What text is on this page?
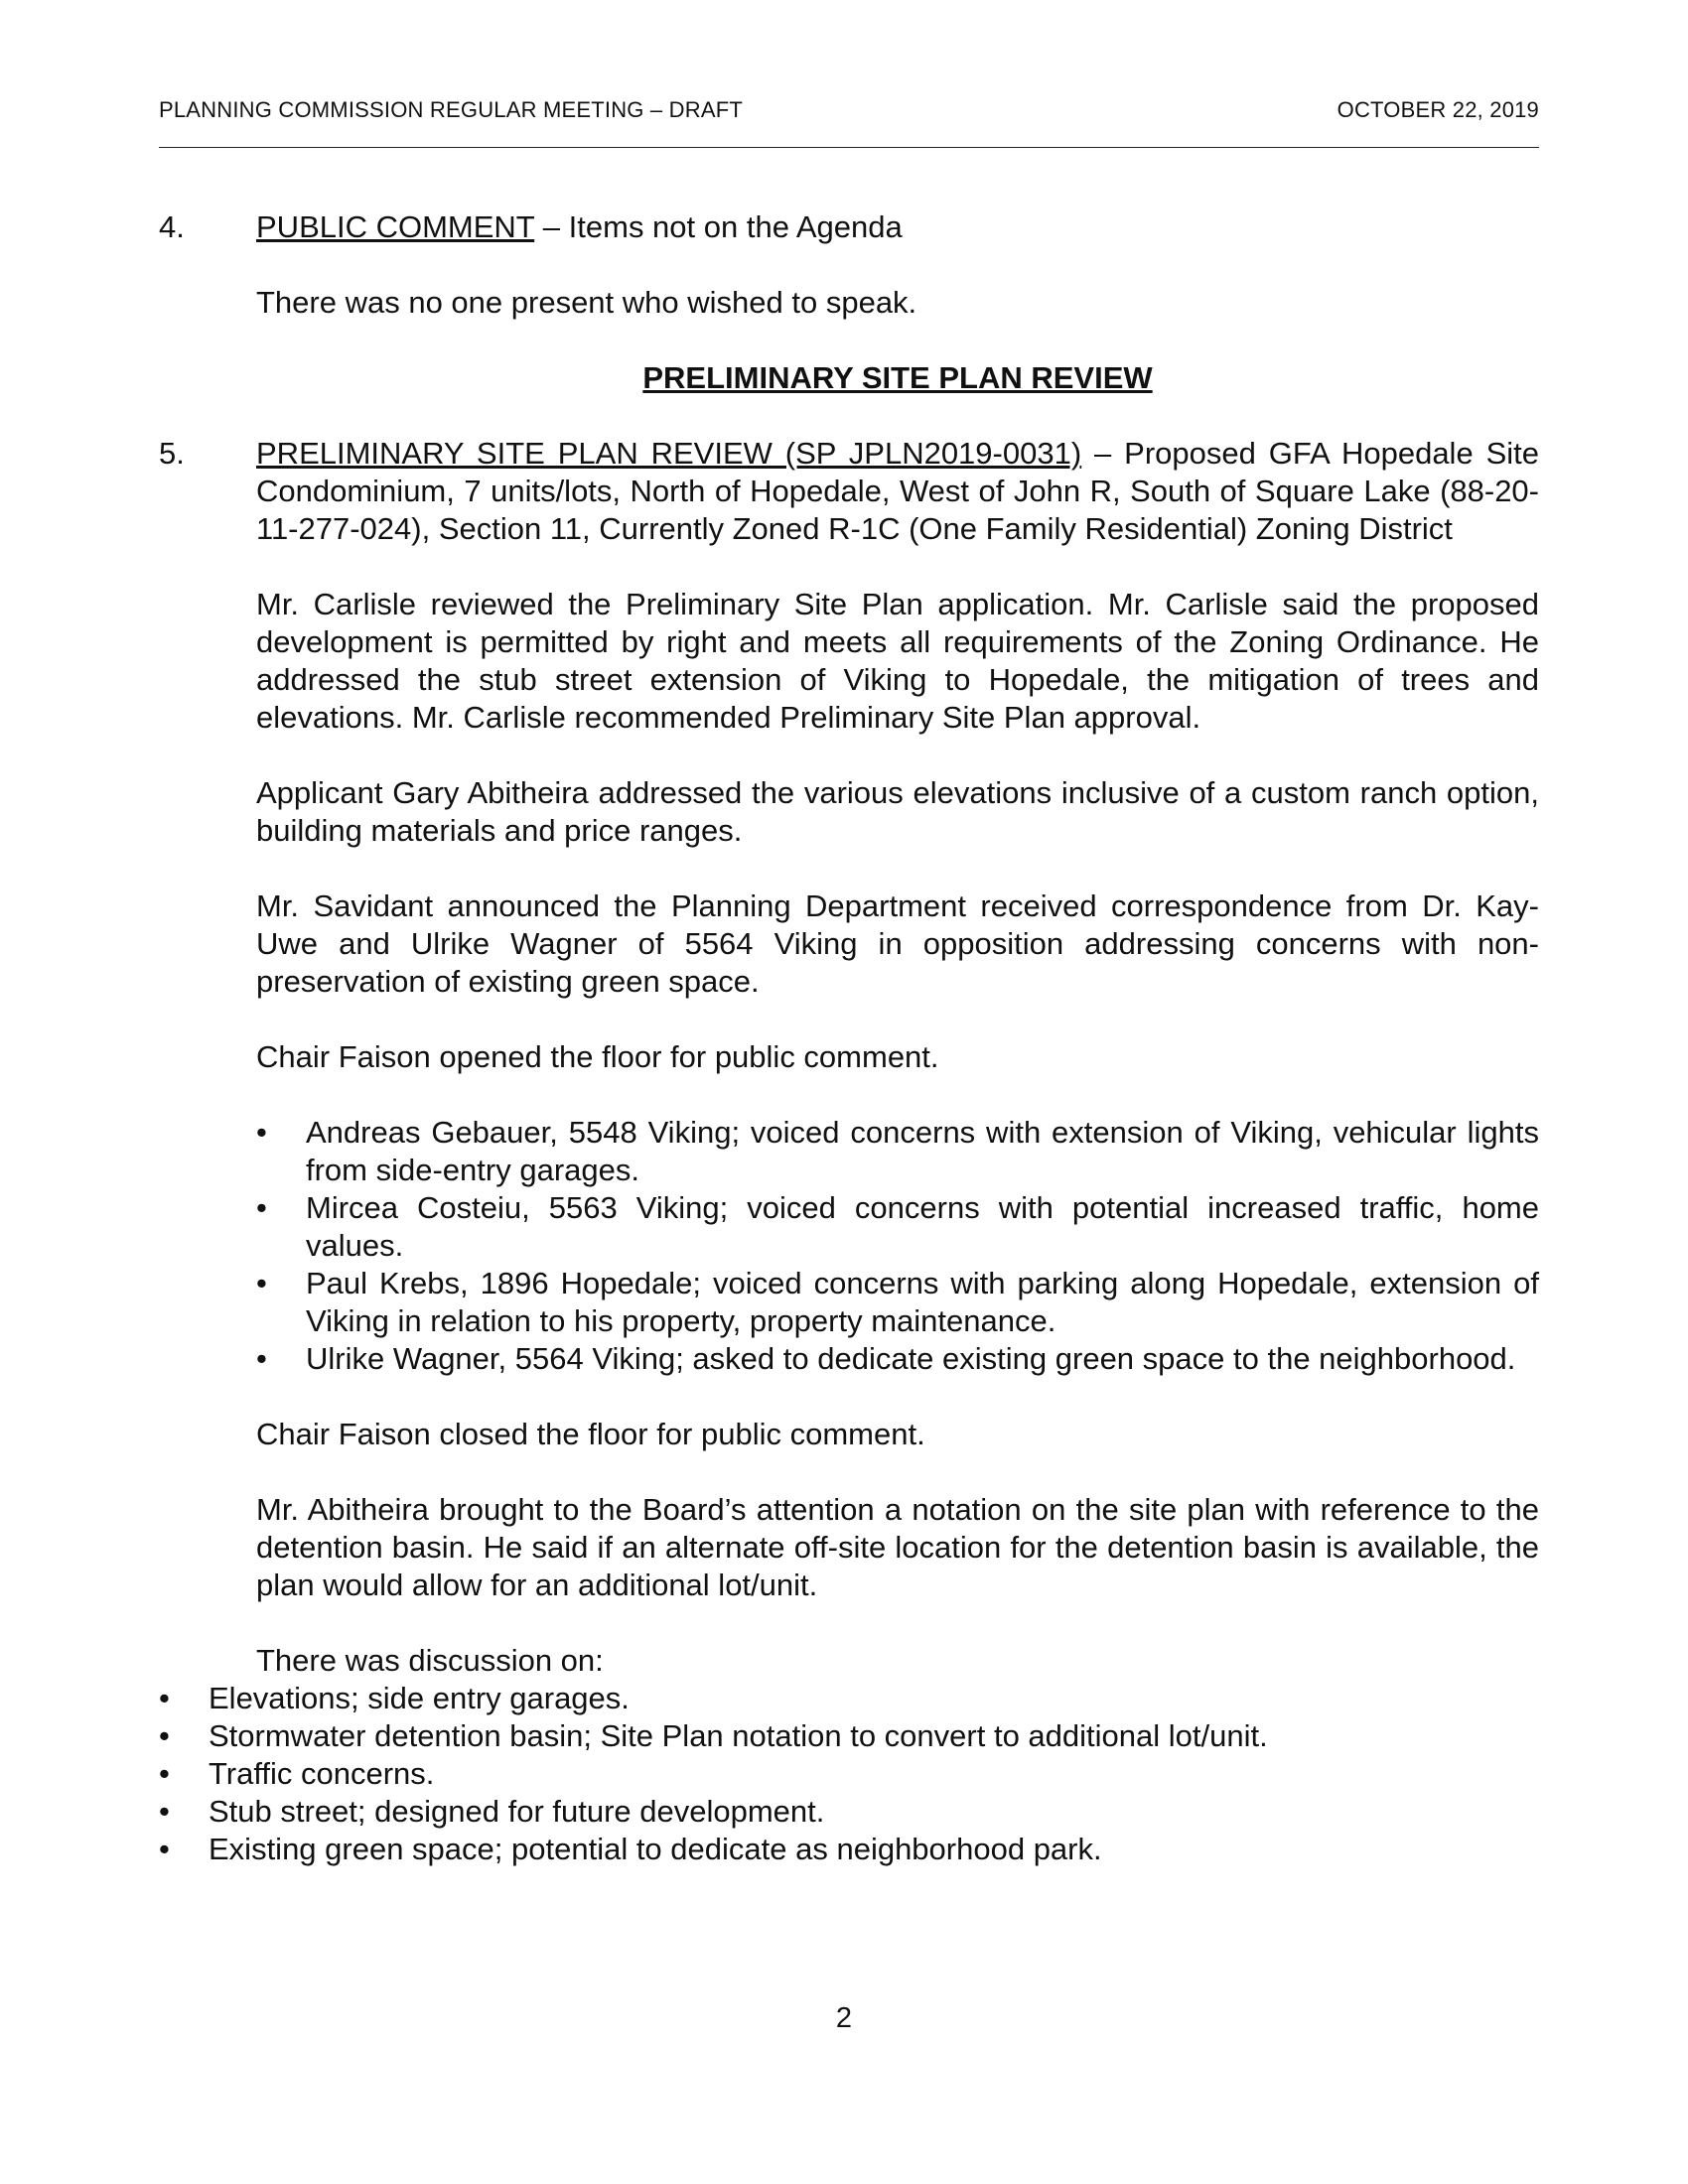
PLANNING COMMISSION REGULAR MEETING – DRAFT	OCTOBER 22, 2019
4. PUBLIC COMMENT – Items not on the Agenda

There was no one present who wished to speak.

PRELIMINARY SITE PLAN REVIEW

5. PRELIMINARY SITE PLAN REVIEW (SP JPLN2019-0031) – Proposed GFA Hopedale Site Condominium, 7 units/lots, North of Hopedale, West of John R, South of Square Lake (88-20-11-277-024), Section 11, Currently Zoned R-1C (One Family Residential) Zoning District

Mr. Carlisle reviewed the Preliminary Site Plan application. Mr. Carlisle said the proposed development is permitted by right and meets all requirements of the Zoning Ordinance. He addressed the stub street extension of Viking to Hopedale, the mitigation of trees and elevations. Mr. Carlisle recommended Preliminary Site Plan approval.

Applicant Gary Abitheira addressed the various elevations inclusive of a custom ranch option, building materials and price ranges.

Mr. Savidant announced the Planning Department received correspondence from Dr. Kay-Uwe and Ulrike Wagner of 5564 Viking in opposition addressing concerns with non-preservation of existing green space.

Chair Faison opened the floor for public comment.

• Andreas Gebauer, 5548 Viking; voiced concerns with extension of Viking, vehicular lights from side-entry garages.
• Mircea Costeiu, 5563 Viking; voiced concerns with potential increased traffic, home values.
• Paul Krebs, 1896 Hopedale; voiced concerns with parking along Hopedale, extension of Viking in relation to his property, property maintenance.
• Ulrike Wagner, 5564 Viking; asked to dedicate existing green space to the neighborhood.

Chair Faison closed the floor for public comment.

Mr. Abitheira brought to the Board’s attention a notation on the site plan with reference to the detention basin. He said if an alternate off-site location for the detention basin is available, the plan would allow for an additional lot/unit.

There was discussion on:

• Elevations; side entry garages.
• Stormwater detention basin; Site Plan notation to convert to additional lot/unit.
• Traffic concerns.
• Stub street; designed for future development.
• Existing green space; potential to dedicate as neighborhood park.
2
